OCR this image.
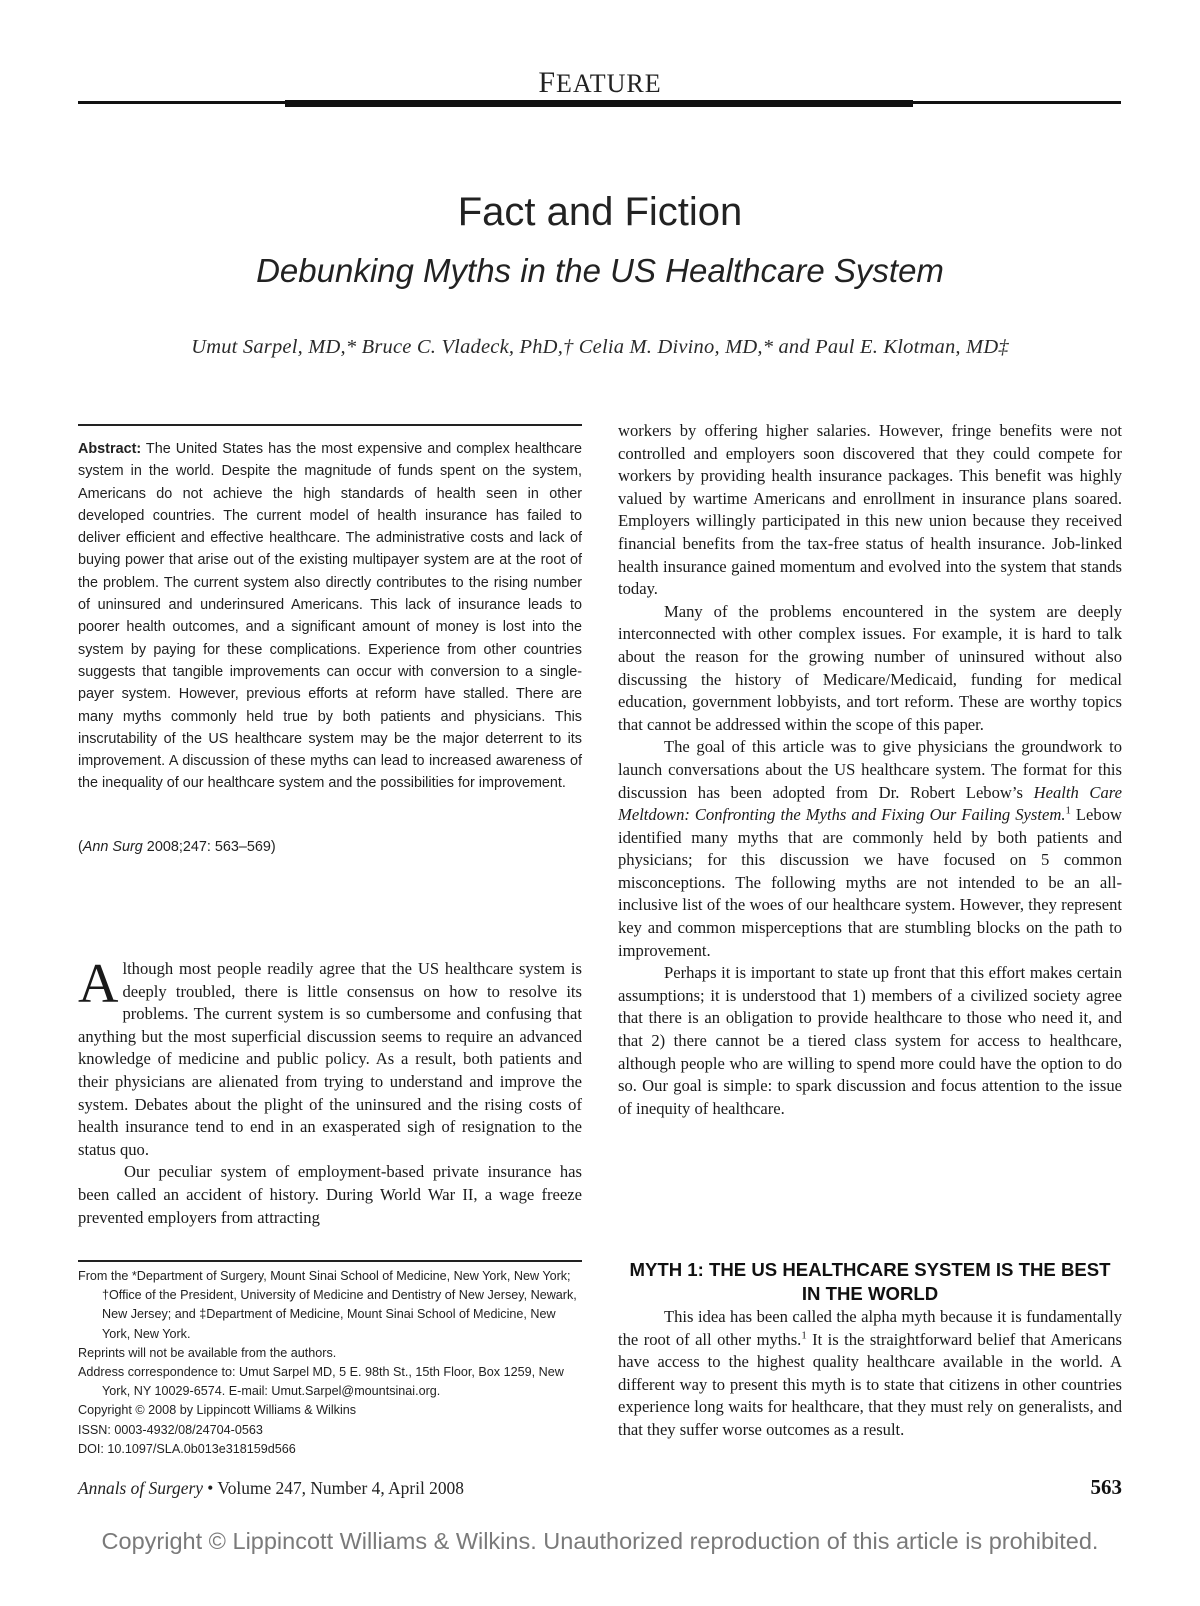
FEATURE
Fact and Fiction
Debunking Myths in the US Healthcare System
Umut Sarpel, MD,* Bruce C. Vladeck, PhD,† Celia M. Divino, MD,* and Paul E. Klotman, MD‡
Abstract: The United States has the most expensive and complex healthcare system in the world. Despite the magnitude of funds spent on the system, Americans do not achieve the high standards of health seen in other developed countries. The current model of health insurance has failed to deliver efficient and effective healthcare. The administrative costs and lack of buying power that arise out of the existing multipayer system are at the root of the problem. The current system also directly contributes to the rising number of uninsured and underinsured Americans. This lack of insurance leads to poorer health outcomes, and a significant amount of money is lost into the system by paying for these complications. Experience from other countries suggests that tangible improvements can occur with conversion to a single-payer system. However, previous efforts at reform have stalled. There are many myths commonly held true by both patients and physicians. This inscrutability of the US healthcare system may be the major deterrent to its improvement. A discussion of these myths can lead to increased awareness of the inequality of our healthcare system and the possibilities for improvement.
(Ann Surg 2008;247: 563–569)

Although most people readily agree that the US healthcare system is deeply troubled, there is little consensus on how to resolve its problems. The current system is so cumbersome and confusing that anything but the most superficial discussion seems to require an advanced knowledge of medicine and public policy. As a result, both patients and their physicians are alienated from trying to understand and improve the system. Debates about the plight of the uninsured and the rising costs of health insurance tend to end in an exasperated sigh of resignation to the status quo.

Our peculiar system of employment-based private insurance has been called an accident of history. During World War II, a wage freeze prevented employers from attracting

From the *Department of Surgery, Mount Sinai School of Medicine, New York, New York; †Office of the President, University of Medicine and Dentistry of New Jersey, Newark, New Jersey; and ‡Department of Medicine, Mount Sinai School of Medicine, New York, New York.
Reprints will not be available from the authors.
Address correspondence to: Umut Sarpel MD, 5 E. 98th St., 15th Floor, Box 1259, New York, NY 10029-6574. E-mail: Umut.Sarpel@mountsinai.org.
Copyright © 2008 by Lippincott Williams & Wilkins
ISSN: 0003-4932/08/24704-0563
DOI: 10.1097/SLA.0b013e318159d566

workers by offering higher salaries. However, fringe benefits were not controlled and employers soon discovered that they could compete for workers by providing health insurance packages. This benefit was highly valued by wartime Americans and enrollment in insurance plans soared. Employers willingly participated in this new union because they received financial benefits from the tax-free status of health insurance. Job-linked health insurance gained momentum and evolved into the system that stands today.

Many of the problems encountered in the system are deeply interconnected with other complex issues. For example, it is hard to talk about the reason for the growing number of uninsured without also discussing the history of Medicare/Medicaid, funding for medical education, government lobbyists, and tort reform. These are worthy topics that cannot be addressed within the scope of this paper.

The goal of this article was to give physicians the groundwork to launch conversations about the US healthcare system. The format for this discussion has been adopted from Dr. Robert Lebow’s Health Care Meltdown: Confronting the Myths and Fixing Our Failing System.$^1$ Lebow identified many myths that are commonly held by both patients and physicians; for this discussion we have focused on 5 common misconceptions. The following myths are not intended to be an all-inclusive list of the woes of our healthcare system. However, they represent key and common misperceptions that are stumbling blocks on the path to improvement.

Perhaps it is important to state up front that this effort makes certain assumptions; it is understood that 1) members of a civilized society agree that there is an obligation to provide healthcare to those who need it, and that 2) there cannot be a tiered class system for access to healthcare, although people who are willing to spend more could have the option to do so. Our goal is simple: to spark discussion and focus attention to the issue of inequity of healthcare.

MYTH 1: THE US HEALTHCARE SYSTEM IS THE BEST IN THE WORLD

This idea has been called the alpha myth because it is fundamentally the root of all other myths.$^1$ It is the straightforward belief that Americans have access to the highest quality healthcare available in the world. A different way to present this myth is to state that citizens in other countries experience long waits for healthcare, that they must rely on generalists, and that they suffer worse outcomes as a result.

Annals of Surgery • Volume 247, Number 4, April 2008	563
Copyright © Lippincott Williams & Wilkins. Unauthorized reproduction of this article is prohibited.
